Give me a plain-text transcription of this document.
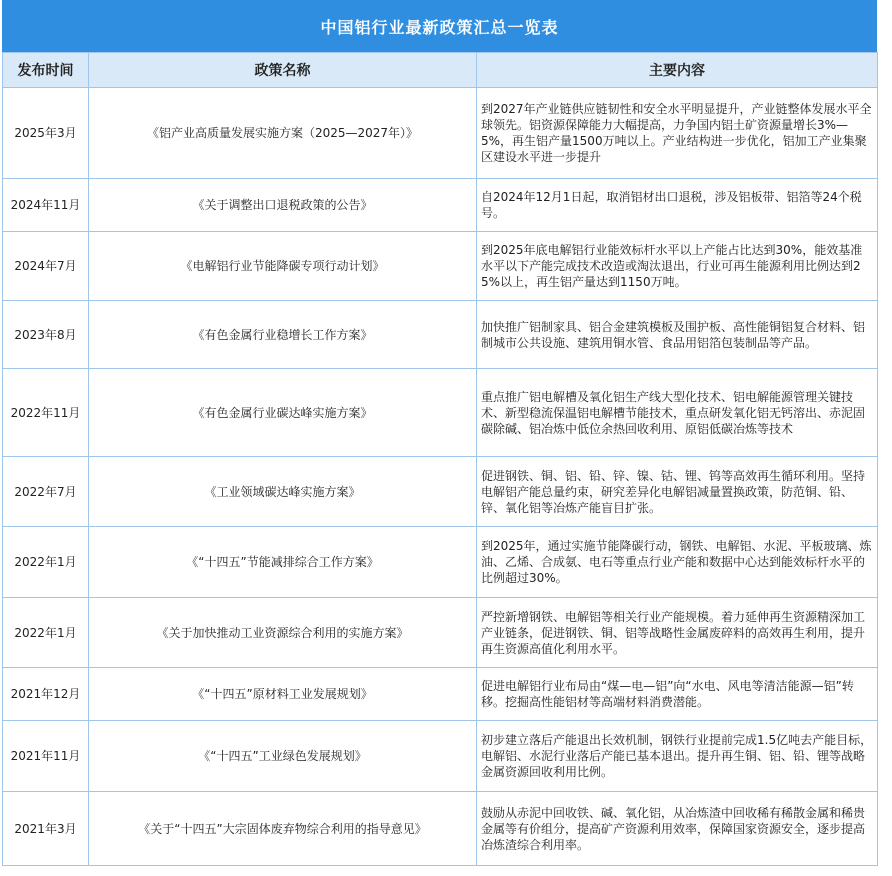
中国铝行业最新政策汇总一览表
发布时间	政策名称	主要内容
2025年3月	《铝产业高质量发展实施方案（2025—2027年）》	到2027年产业链供应链韧性和安全水平明显提升，产业链整体发展水平全球领先。铝资源保障能力大幅提高，力争国内铝土矿资源量增长3%—5%，再生铝产量1500万吨以上。产业结构进一步优化，铝加工产业集聚区建设水平进一步提升
2024年11月	《关于调整出口退税政策的公告》	自2024年12月1日起，取消铝材出口退税，涉及铝板带、铝箔等24个税号。
2024年7月	《电解铝行业节能降碳专项行动计划》	到2025年底电解铝行业能效标杆水平以上产能占比达到30%，能效基准水平以下产能完成技术改造或淘汰退出，行业可再生能源利用比例达到25%以上，再生铝产量达到1150万吨。
2023年8月	《有色金属行业稳增长工作方案》	加快推广铝制家具、铝合金建筑模板及围护板、高性能铜铝复合材料、铝制城市公共设施、建筑用铜水管、食品用铝箔包装制品等产品。
2022年11月	《有色金属行业碳达峰实施方案》	重点推广铝电解槽及氧化铝生产线大型化技术、铝电解能源管理关键技术、新型稳流保温铝电解槽节能技术，重点研发氧化铝无钙溶出、赤泥固碳除碱、铝冶炼中低位余热回收利用、原铝低碳冶炼等技术
2022年7月	《工业领域碳达峰实施方案》	促进钢铁、铜、铝、铅、锌、镍、钴、锂、钨等高效再生循环利用。坚持电解铝产能总量约束，研究差异化电解铝减量置换政策，防范铜、铅、锌、氧化铝等冶炼产能盲目扩张。
2022年1月	《“十四五”节能减排综合工作方案》	到2025年，通过实施节能降碳行动，钢铁、电解铝、水泥、平板玻璃、炼油、乙烯、合成氨、电石等重点行业产能和数据中心达到能效标杆水平的比例超过30%。
2022年1月	《关于加快推动工业资源综合利用的实施方案》	严控新增钢铁、电解铝等相关行业产能规模。着力延伸再生资源精深加工产业链条，促进钢铁、铜、铝等战略性金属废碎料的高效再生利用，提升再生资源高值化利用水平。
2021年12月	《“十四五”原材料工业发展规划》	促进电解铝行业布局由“煤—电—铝”向“水电、风电等清洁能源—铝”转移。挖掘高性能铝材等高端材料消费潜能。
2021年11月	《“十四五”工业绿色发展规划》	初步建立落后产能退出长效机制，钢铁行业提前完成1.5亿吨去产能目标，电解铝、水泥行业落后产能已基本退出。提升再生铜、铝、铅、锂等战略金属资源回收利用比例。
2021年3月	《关于“十四五”大宗固体废弃物综合利用的指导意见》	鼓励从赤泥中回收铁、碱、氧化铝，从冶炼渣中回收稀有稀散金属和稀贵金属等有价组分，提高矿产资源利用效率，保障国家资源安全，逐步提高冶炼渣综合利用率。
